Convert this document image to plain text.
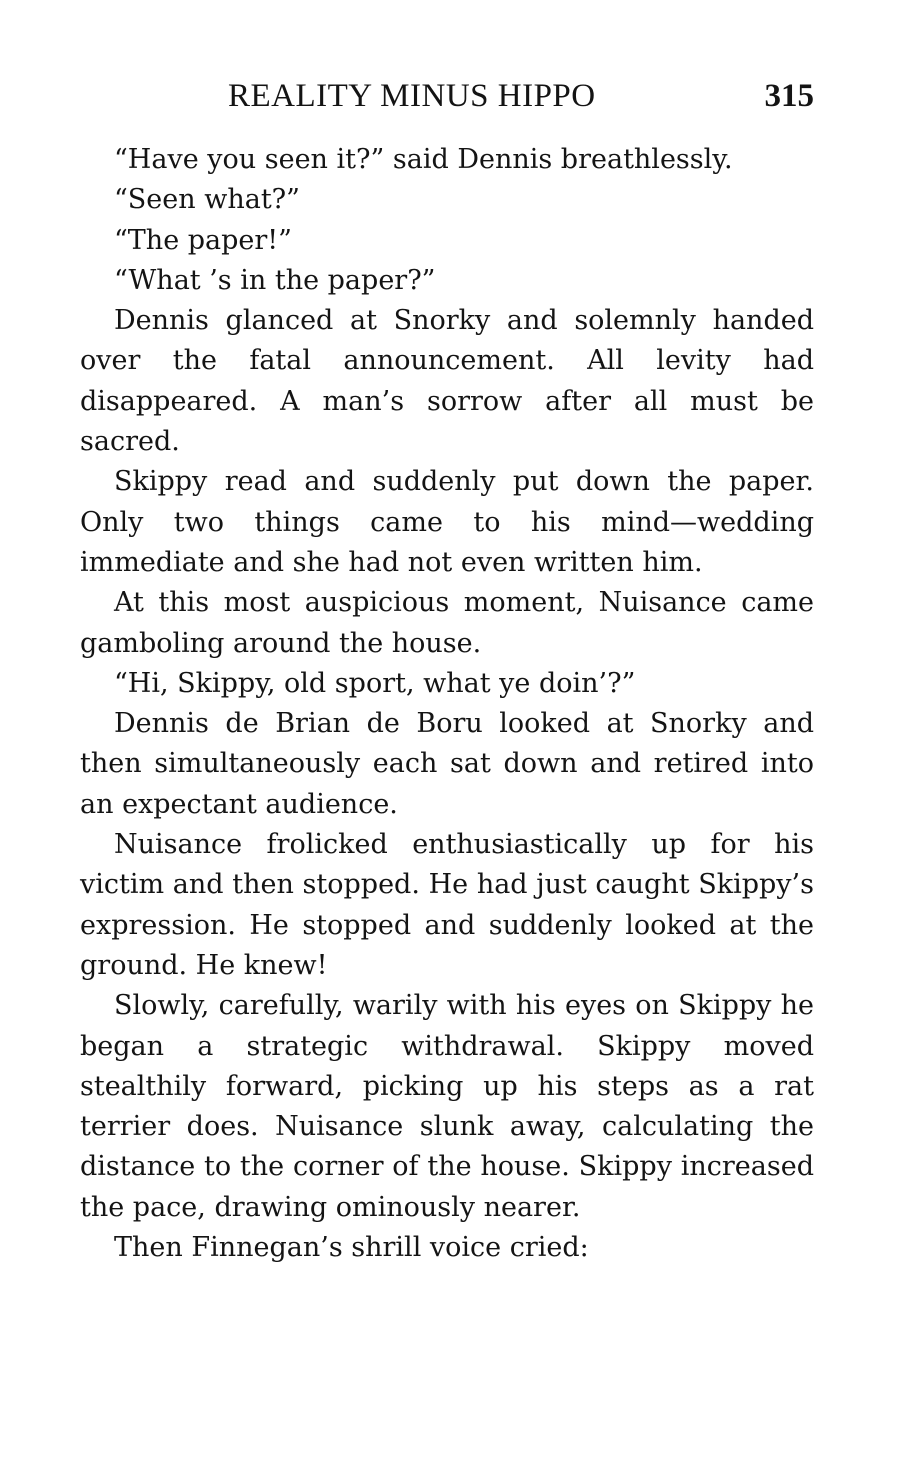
REALITY MINUS HIPPO	315

“Have you seen it?” said Dennis breathlessly.

“Seen what?”

“The paper!”

“What ’s in the paper?”

Dennis glanced at Snorky and solemnly handed over the fatal announcement. All levity had disappeared. A man’s sorrow after all must be sacred.

Skippy read and suddenly put down the paper. Only two things came to his mind—wedding immediate and she had not even written him.

At this most auspicious moment, Nuisance came gamboling around the house.

“Hi, Skippy, old sport, what ye doin’?”

Dennis de Brian de Boru looked at Snorky and then simultaneously each sat down and retired into an expectant audience.

Nuisance frolicked enthusiastically up for his victim and then stopped. He had just caught Skippy’s expression. He stopped and suddenly looked at the ground. He knew!

Slowly, carefully, warily with his eyes on Skippy he began a strategic withdrawal. Skippy moved stealthily forward, picking up his steps as a rat terrier does. Nuisance slunk away, calculating the distance to the corner of the house. Skippy increased the pace, drawing ominously nearer.

Then Finnegan’s shrill voice cried:
